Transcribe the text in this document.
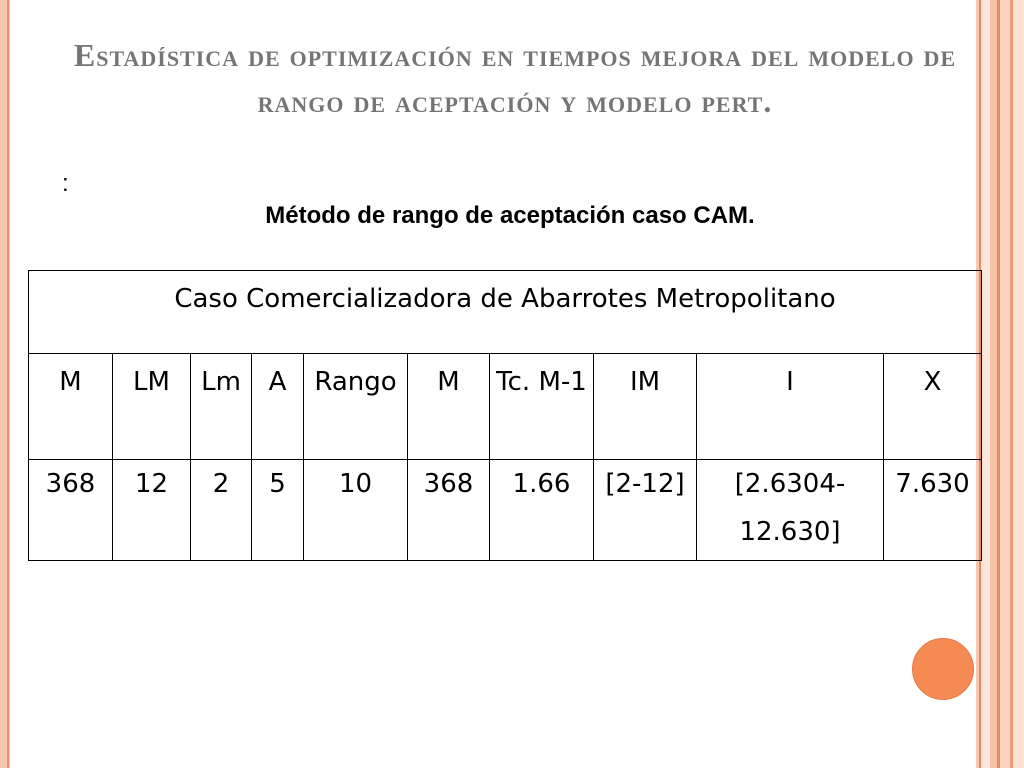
Estadística de optimización en tiempos mejora del modelo de rango de aceptación y modelo pert.
:
Método de rango de aceptación caso CAM.
Caso Comercializadora de Abarrotes Metropolitano									
M	LM	Lm	A	Rango	M	Tc. M-1	IM	I	X
368	12	2	5	10	368	1.66	[2-12]	[2.6304-12.630]	7.630
